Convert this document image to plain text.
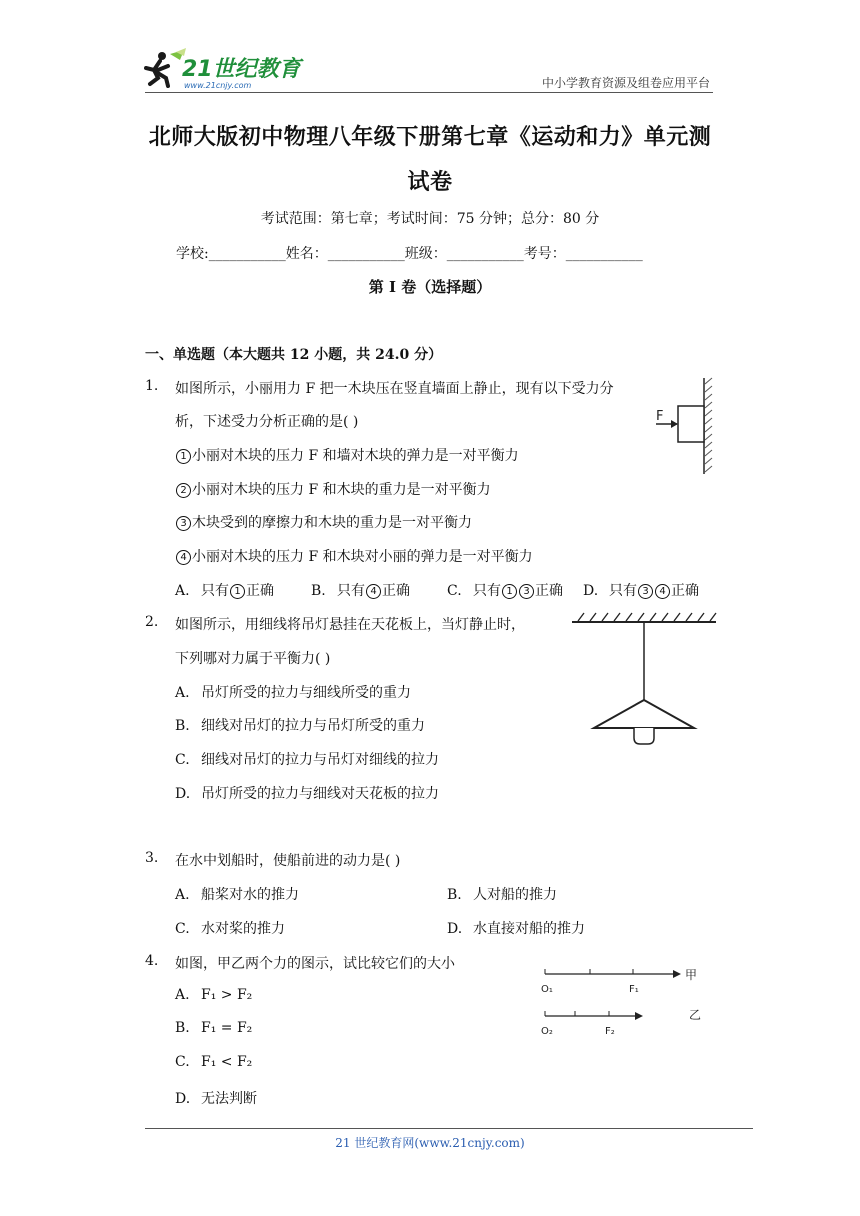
21世纪教育
www.21cnjy.com	中小学教育资源及组卷应用平台
北师大版初中物理八年级下册第七章《运动和力》单元测
试卷
考试范围：第七章；考试时间：75 分钟；总分：80 分
学校:___________姓名：___________班级：___________考号：___________
第 I 卷（选择题）
一、单选题（本大题共 12 小题，共 24.0 分）
1. 如图所示，小丽用力 F 把一木块压在竖直墙面上静止，现有以下受力分
析，下述受力分析正确的是( )
1 小丽对木块的压力 F 和墙对木块的弹力是一对平衡力
2 小丽对木块的压力 F 和木块的重力是一对平衡力
3 木块受到的摩擦力和木块的重力是一对平衡力
4 小丽对木块的压力 F 和木块对小丽的弹力是一对平衡力
A. 只有 1 正确	B. 只有 4 正确	C. 只有 1 3 正确 D. 只有 3 4 正确
F
2. 如图所示，用细线将吊灯悬挂在天花板上，当灯静止时，
下列哪对力属于平衡力( )
A. 吊灯所受的拉力与细线所受的重力
B. 细线对吊灯的拉力与吊灯所受的重力
C. 细线对吊灯的拉力与吊灯对细线的拉力
D. 吊灯所受的拉力与细线对天花板的拉力
3. 在水中划船时，使船前进的动力是( )
A. 船桨对水的推力	B. 人对船的推力
C. 水对桨的推力	D. 水直接对船的推力
4. 如图，甲乙两个力的图示，试比较它们的大小
A. F₁ > F₂
B. F₁ = F₂
C. F₁ < F₂
D. 无法判断
甲
O₁	F₁
乙
O₂	F₂
21 世纪教育网(www.21cnjy.com)
